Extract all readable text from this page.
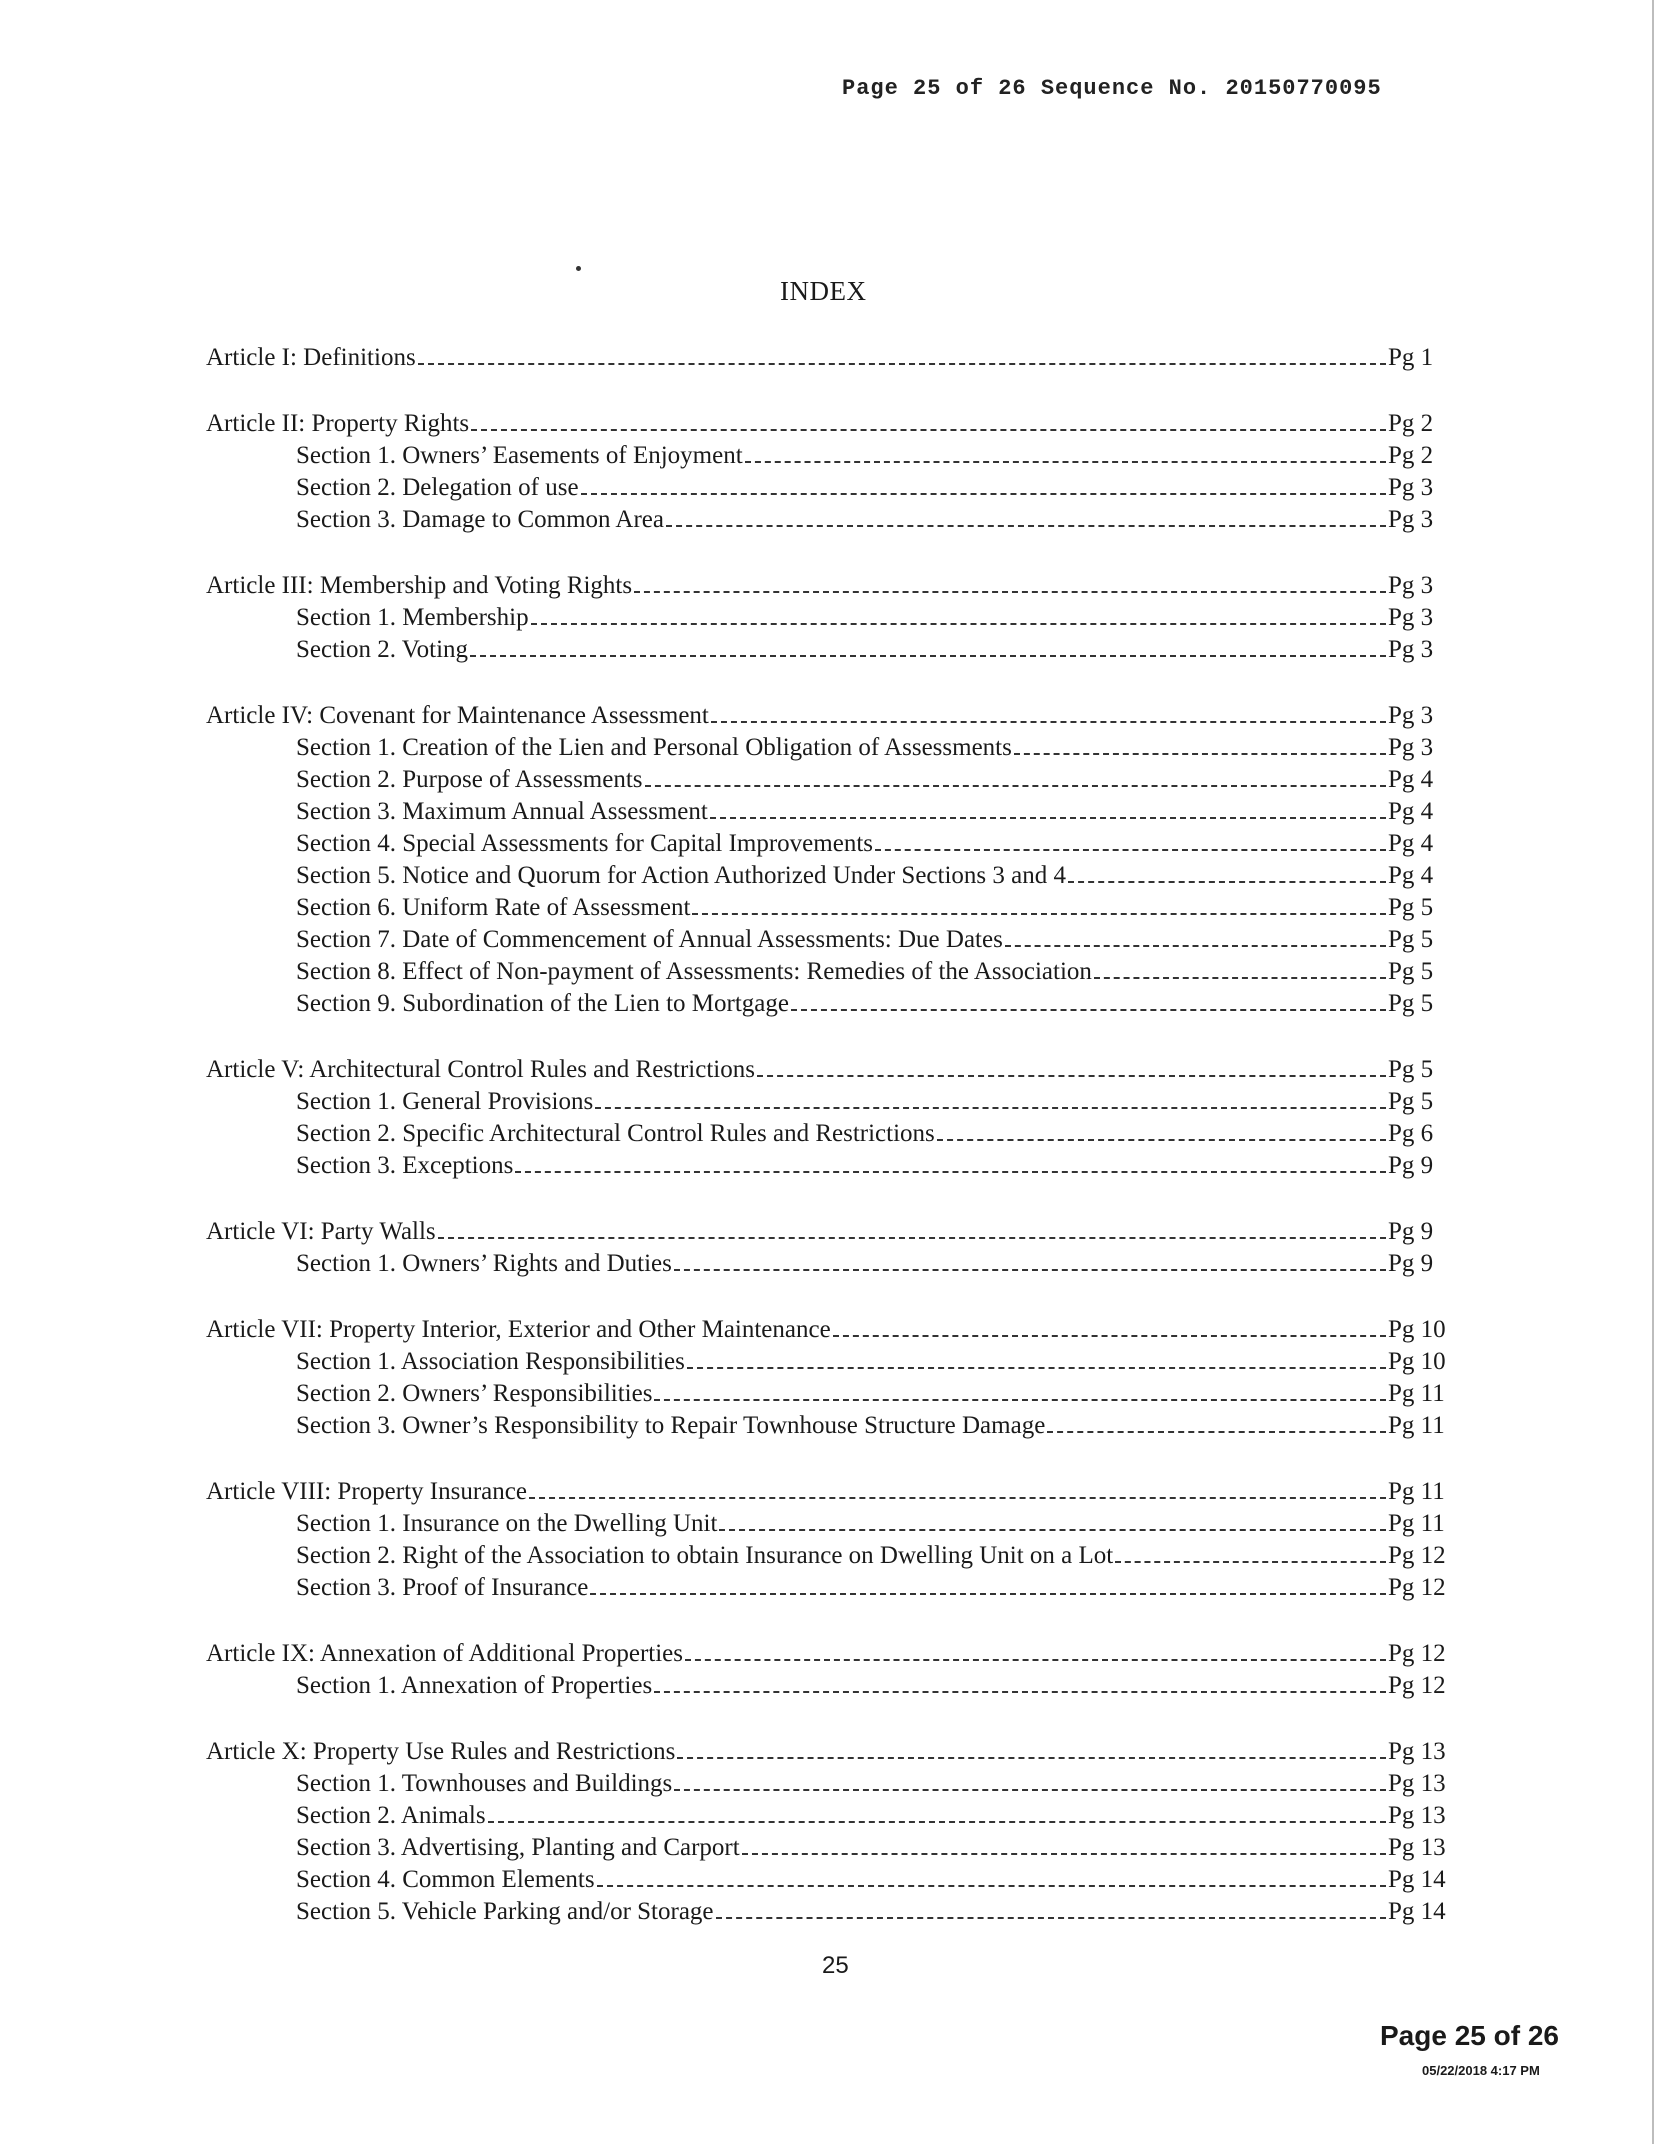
Page 25 of 26 Sequence No. 20150770095
INDEX
Article I: Definitions	Pg 1
Article II: Property Rights	Pg 2
Section 1. Owners’ Easements of Enjoyment	Pg 2
Section 2. Delegation of use	Pg 3
Section 3. Damage to Common Area	Pg 3
Article III: Membership and Voting Rights	Pg 3
Section 1. Membership	Pg 3
Section 2. Voting	Pg 3
Article IV: Covenant for Maintenance Assessment	Pg 3
Section 1. Creation of the Lien and Personal Obligation of Assessments	Pg 3
Section 2. Purpose of Assessments	Pg 4
Section 3. Maximum Annual Assessment	Pg 4
Section 4. Special Assessments for Capital Improvements	Pg 4
Section 5. Notice and Quorum for Action Authorized Under Sections 3 and 4	Pg 4
Section 6. Uniform Rate of Assessment	Pg 5
Section 7. Date of Commencement of Annual Assessments: Due Dates	Pg 5
Section 8. Effect of Non-payment of Assessments: Remedies of the Association	Pg 5
Section 9. Subordination of the Lien to Mortgage	Pg 5
Article V: Architectural Control Rules and Restrictions	Pg 5
Section 1. General Provisions	Pg 5
Section 2. Specific Architectural Control Rules and Restrictions	Pg 6
Section 3. Exceptions	Pg 9
Article VI: Party Walls	Pg 9
Section 1. Owners’ Rights and Duties	Pg 9
Article VII: Property Interior, Exterior and Other Maintenance	Pg 10
Section 1. Association Responsibilities	Pg 10
Section 2. Owners’ Responsibilities	Pg 11
Section 3. Owner’s Responsibility to Repair Townhouse Structure Damage	Pg 11
Article VIII: Property Insurance	Pg 11
Section 1. Insurance on the Dwelling Unit	Pg 11
Section 2. Right of the Association to obtain Insurance on Dwelling Unit on a Lot	Pg 12
Section 3. Proof of Insurance	Pg 12
Article IX: Annexation of Additional Properties	Pg 12
Section 1. Annexation of Properties	Pg 12
Article X: Property Use Rules and Restrictions	Pg 13
Section 1. Townhouses and Buildings	Pg 13
Section 2. Animals	Pg 13
Section 3. Advertising, Planting and Carport	Pg 13
Section 4. Common Elements	Pg 14
Section 5. Vehicle Parking and/or Storage	Pg 14
25
Page 25 of 26
05/22/2018 4:17 PM
